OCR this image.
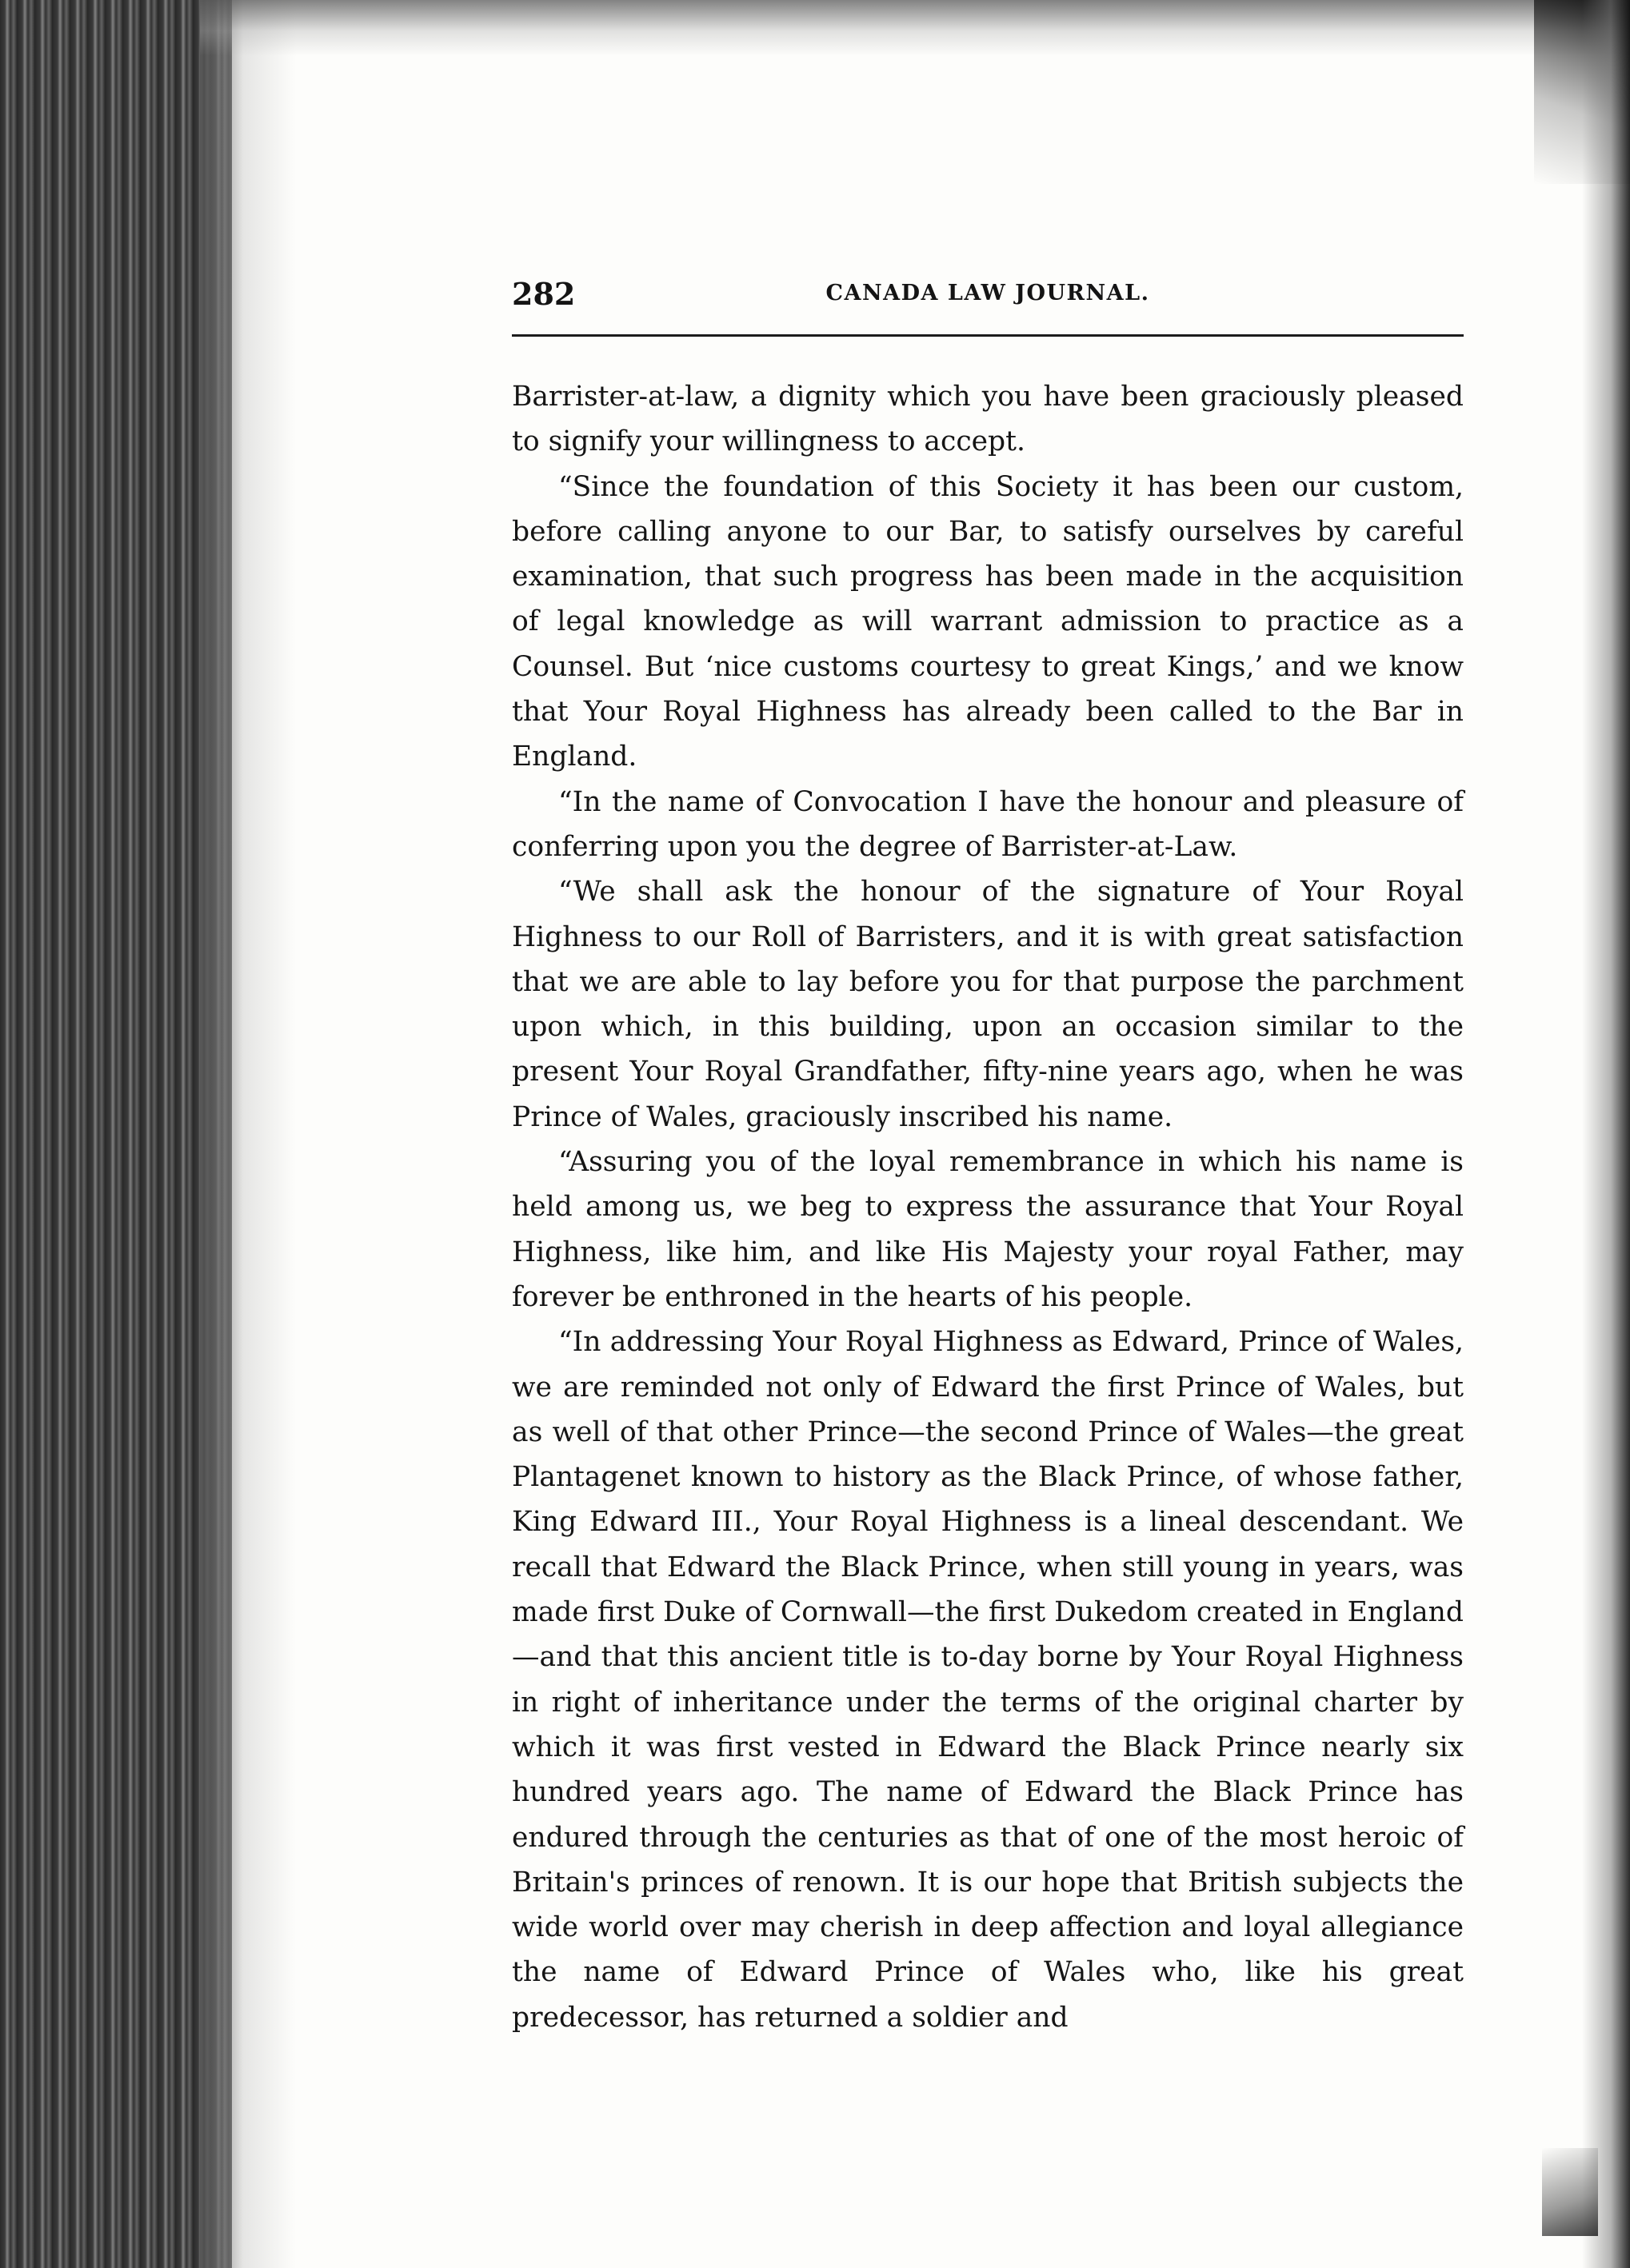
282	CANADA LAW JOURNAL.

Barrister-at-law, a dignity which you have been graciously pleased to signify your willingness to accept.

“Since the foundation of this Society it has been our custom, before calling anyone to our Bar, to satisfy ourselves by careful examination, that such progress has been made in the acquisition of legal knowledge as will warrant admission to practice as a Counsel. But ‘nice customs courtesy to great Kings,’ and we know that Your Royal Highness has already been called to the Bar in England.

“In the name of Convocation I have the honour and pleasure of conferring upon you the degree of Barrister-at-Law.

“We shall ask the honour of the signature of Your Royal Highness to our Roll of Barristers, and it is with great satisfaction that we are able to lay before you for that purpose the parchment upon which, in this building, upon an occasion similar to the present Your Royal Grandfather, fifty-nine years ago, when he was Prince of Wales, graciously inscribed his name.

“Assuring you of the loyal remembrance in which his name is held among us, we beg to express the assurance that Your Royal Highness, like him, and like His Majesty your royal Father, may forever be enthroned in the hearts of his people.

“In addressing Your Royal Highness as Edward, Prince of Wales, we are reminded not only of Edward the first Prince of Wales, but as well of that other Prince—the second Prince of Wales—the great Plantagenet known to history as the Black Prince, of whose father, King Edward III., Your Royal Highness is a lineal descendant. We recall that Edward the Black Prince, when still young in years, was made first Duke of Cornwall—the first Dukedom created in England—and that this ancient title is to-day borne by Your Royal Highness in right of inheritance under the terms of the original charter by which it was first vested in Edward the Black Prince nearly six hundred years ago. The name of Edward the Black Prince has endured through the centuries as that of one of the most heroic of Britain's princes of renown. It is our hope that British subjects the wide world over may cherish in deep affection and loyal allegiance the name of Edward Prince of Wales who, like his great predecessor, has returned a soldier and
